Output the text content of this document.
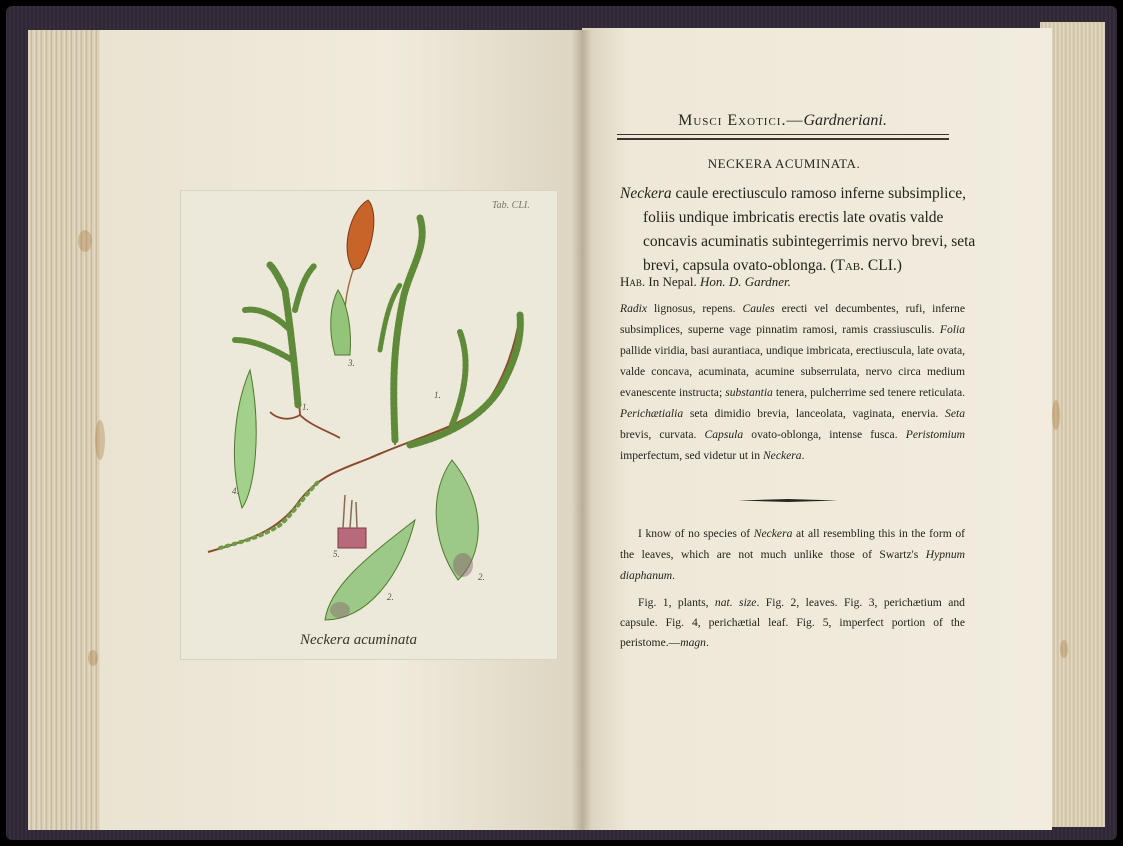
Tab. CLI.
Neckera acuminata
1.
1.
2.
2.
3.
4.
5.
Musci Exotici.—Gardneriani.
NECKERA ACUMINATA.
Neckera caule erectiusculo ramoso inferne subsimplice, foliis undique imbricatis erectis late ovatis valde concavis acuminatis subintegerrimis nervo brevi, seta brevi, capsula ovato-oblonga. (Tab. CLI.)
Hab. In Nepal. Hon. D. Gardner.
Radix lignosus, repens. Caules erecti vel decumbentes, rufi, inferne subsimplices, superne vage pinnatim ramosi, ramis crassiusculis. Folia pallide viridia, basi aurantiaca, undique imbricata, erectiuscula, late ovata, valde concava, acuminata, acumine subserrulata, nervo circa medium evanescente instructa; substantia tenera, pulcherrime sed tenere reticulata. Perichætialia seta dimidio brevia, lanceolata, vaginata, enervia. Seta brevis, curvata. Capsula ovato-oblonga, intense fusca. Peristomium imperfectum, sed videtur ut in Neckera.
I know of no species of Neckera at all resembling this in the form of the leaves, which are not much unlike those of Swartz's Hypnum diaphanum.
Fig. 1, plants, nat. size. Fig. 2, leaves. Fig. 3, perichætium and capsule. Fig. 4, perichætial leaf. Fig. 5, imperfect portion of the peristome.—magn.
